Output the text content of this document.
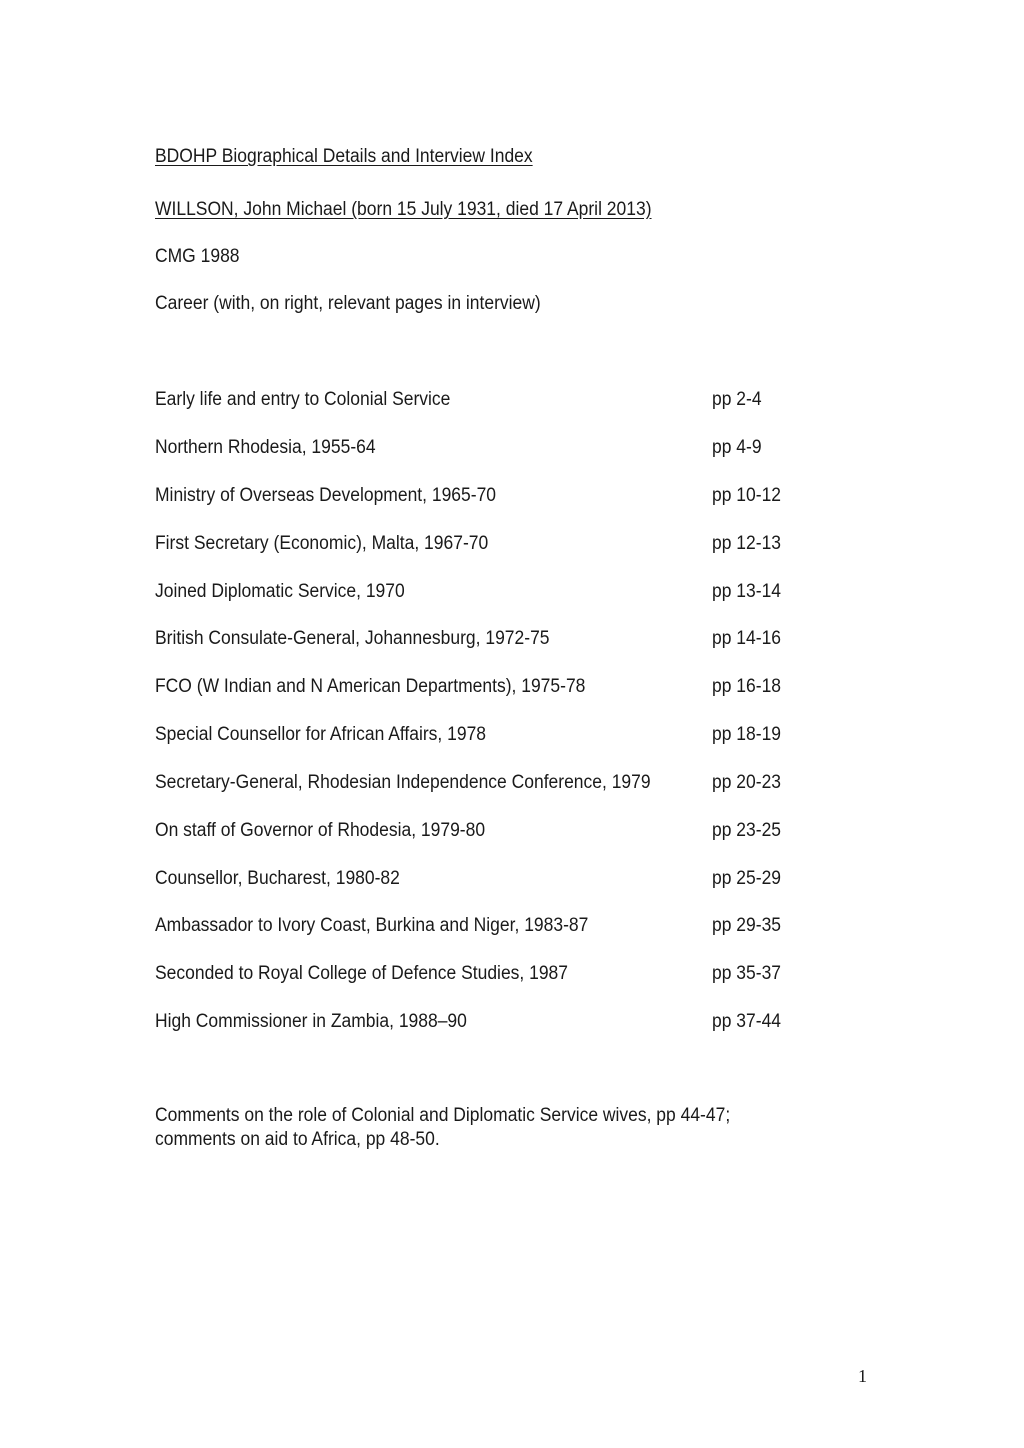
BDOHP Biographical Details and Interview Index
WILLSON, John Michael (born 15 July 1931, died 17 April 2013)
CMG 1988
Career (with, on right, relevant pages in interview)
Early life and entry to Colonial Service	pp 2-4
Northern Rhodesia, 1955-64	pp 4-9
Ministry of Overseas Development, 1965-70	pp 10-12
First Secretary (Economic), Malta, 1967-70	pp 12-13
Joined Diplomatic Service, 1970	pp 13-14
British Consulate-General, Johannesburg, 1972-75	pp 14-16
FCO (W Indian and N American Departments), 1975-78	pp 16-18
Special Counsellor for African Affairs, 1978	pp 18-19
Secretary-General, Rhodesian Independence Conference, 1979	pp 20-23
On staff of Governor of Rhodesia, 1979-80	pp 23-25
Counsellor, Bucharest, 1980-82	pp 25-29
Ambassador to Ivory Coast, Burkina and Niger, 1983-87	pp 29-35
Seconded to Royal College of Defence Studies, 1987	pp 35-37
High Commissioner in Zambia, 1988–90	pp 37-44
Comments on the role of Colonial and Diplomatic Service wives, pp 44-47;
comments on aid to Africa, pp 48-50.
1
